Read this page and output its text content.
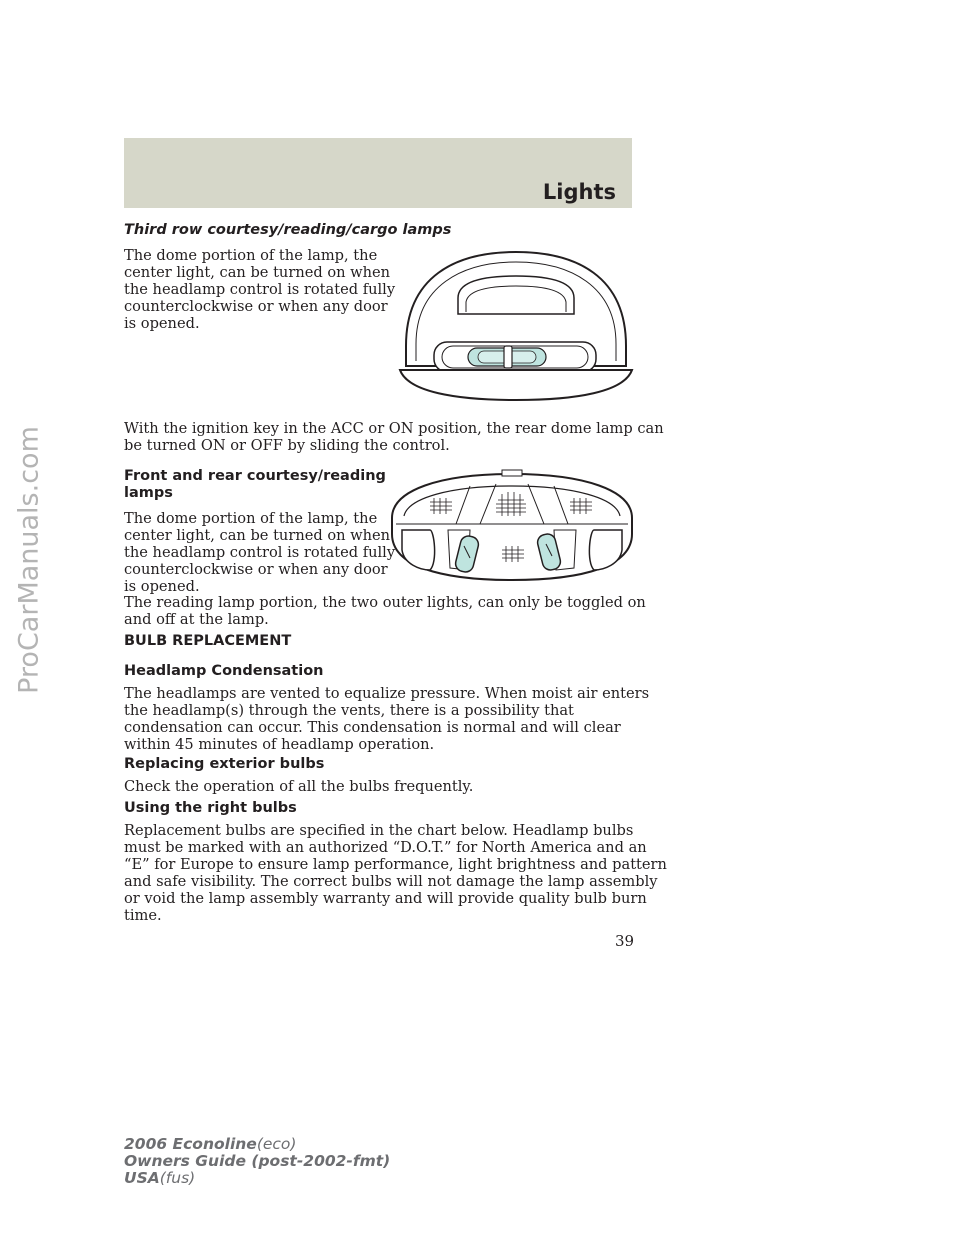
ProCarManuals.com
Lights

Third row courtesy/reading/cargo lamps

The dome portion of the lamp, the
center light, can be turned on when
the headlamp control is rotated fully
counterclockwise or when any door
is opened.

With the ignition key in the ACC or ON position, the rear dome lamp can
be turned ON or OFF by sliding the control.

Front and rear courtesy/reading
lamps

The dome portion of the lamp, the
center light, can be turned on when
the headlamp control is rotated fully
counterclockwise or when any door
is opened.

The reading lamp portion, the two outer lights, can only be toggled on
and off at the lamp.

BULB REPLACEMENT

Headlamp Condensation

The headlamps are vented to equalize pressure. When moist air enters
the headlamp(s) through the vents, there is a possibility that
condensation can occur. This condensation is normal and will clear
within 45 minutes of headlamp operation.

Replacing exterior bulbs

Check the operation of all the bulbs frequently.

Using the right bulbs

Replacement bulbs are specified in the chart below. Headlamp bulbs
must be marked with an authorized “D.O.T.” for North America and an
“E” for Europe to ensure lamp performance, light brightness and pattern
and safe visibility. The correct bulbs will not damage the lamp assembly
or void the lamp assembly warranty and will provide quality bulb burn
time.

39
2006 Econoline(eco)
Owners Guide (post-2002-fmt)
USA(fus)
